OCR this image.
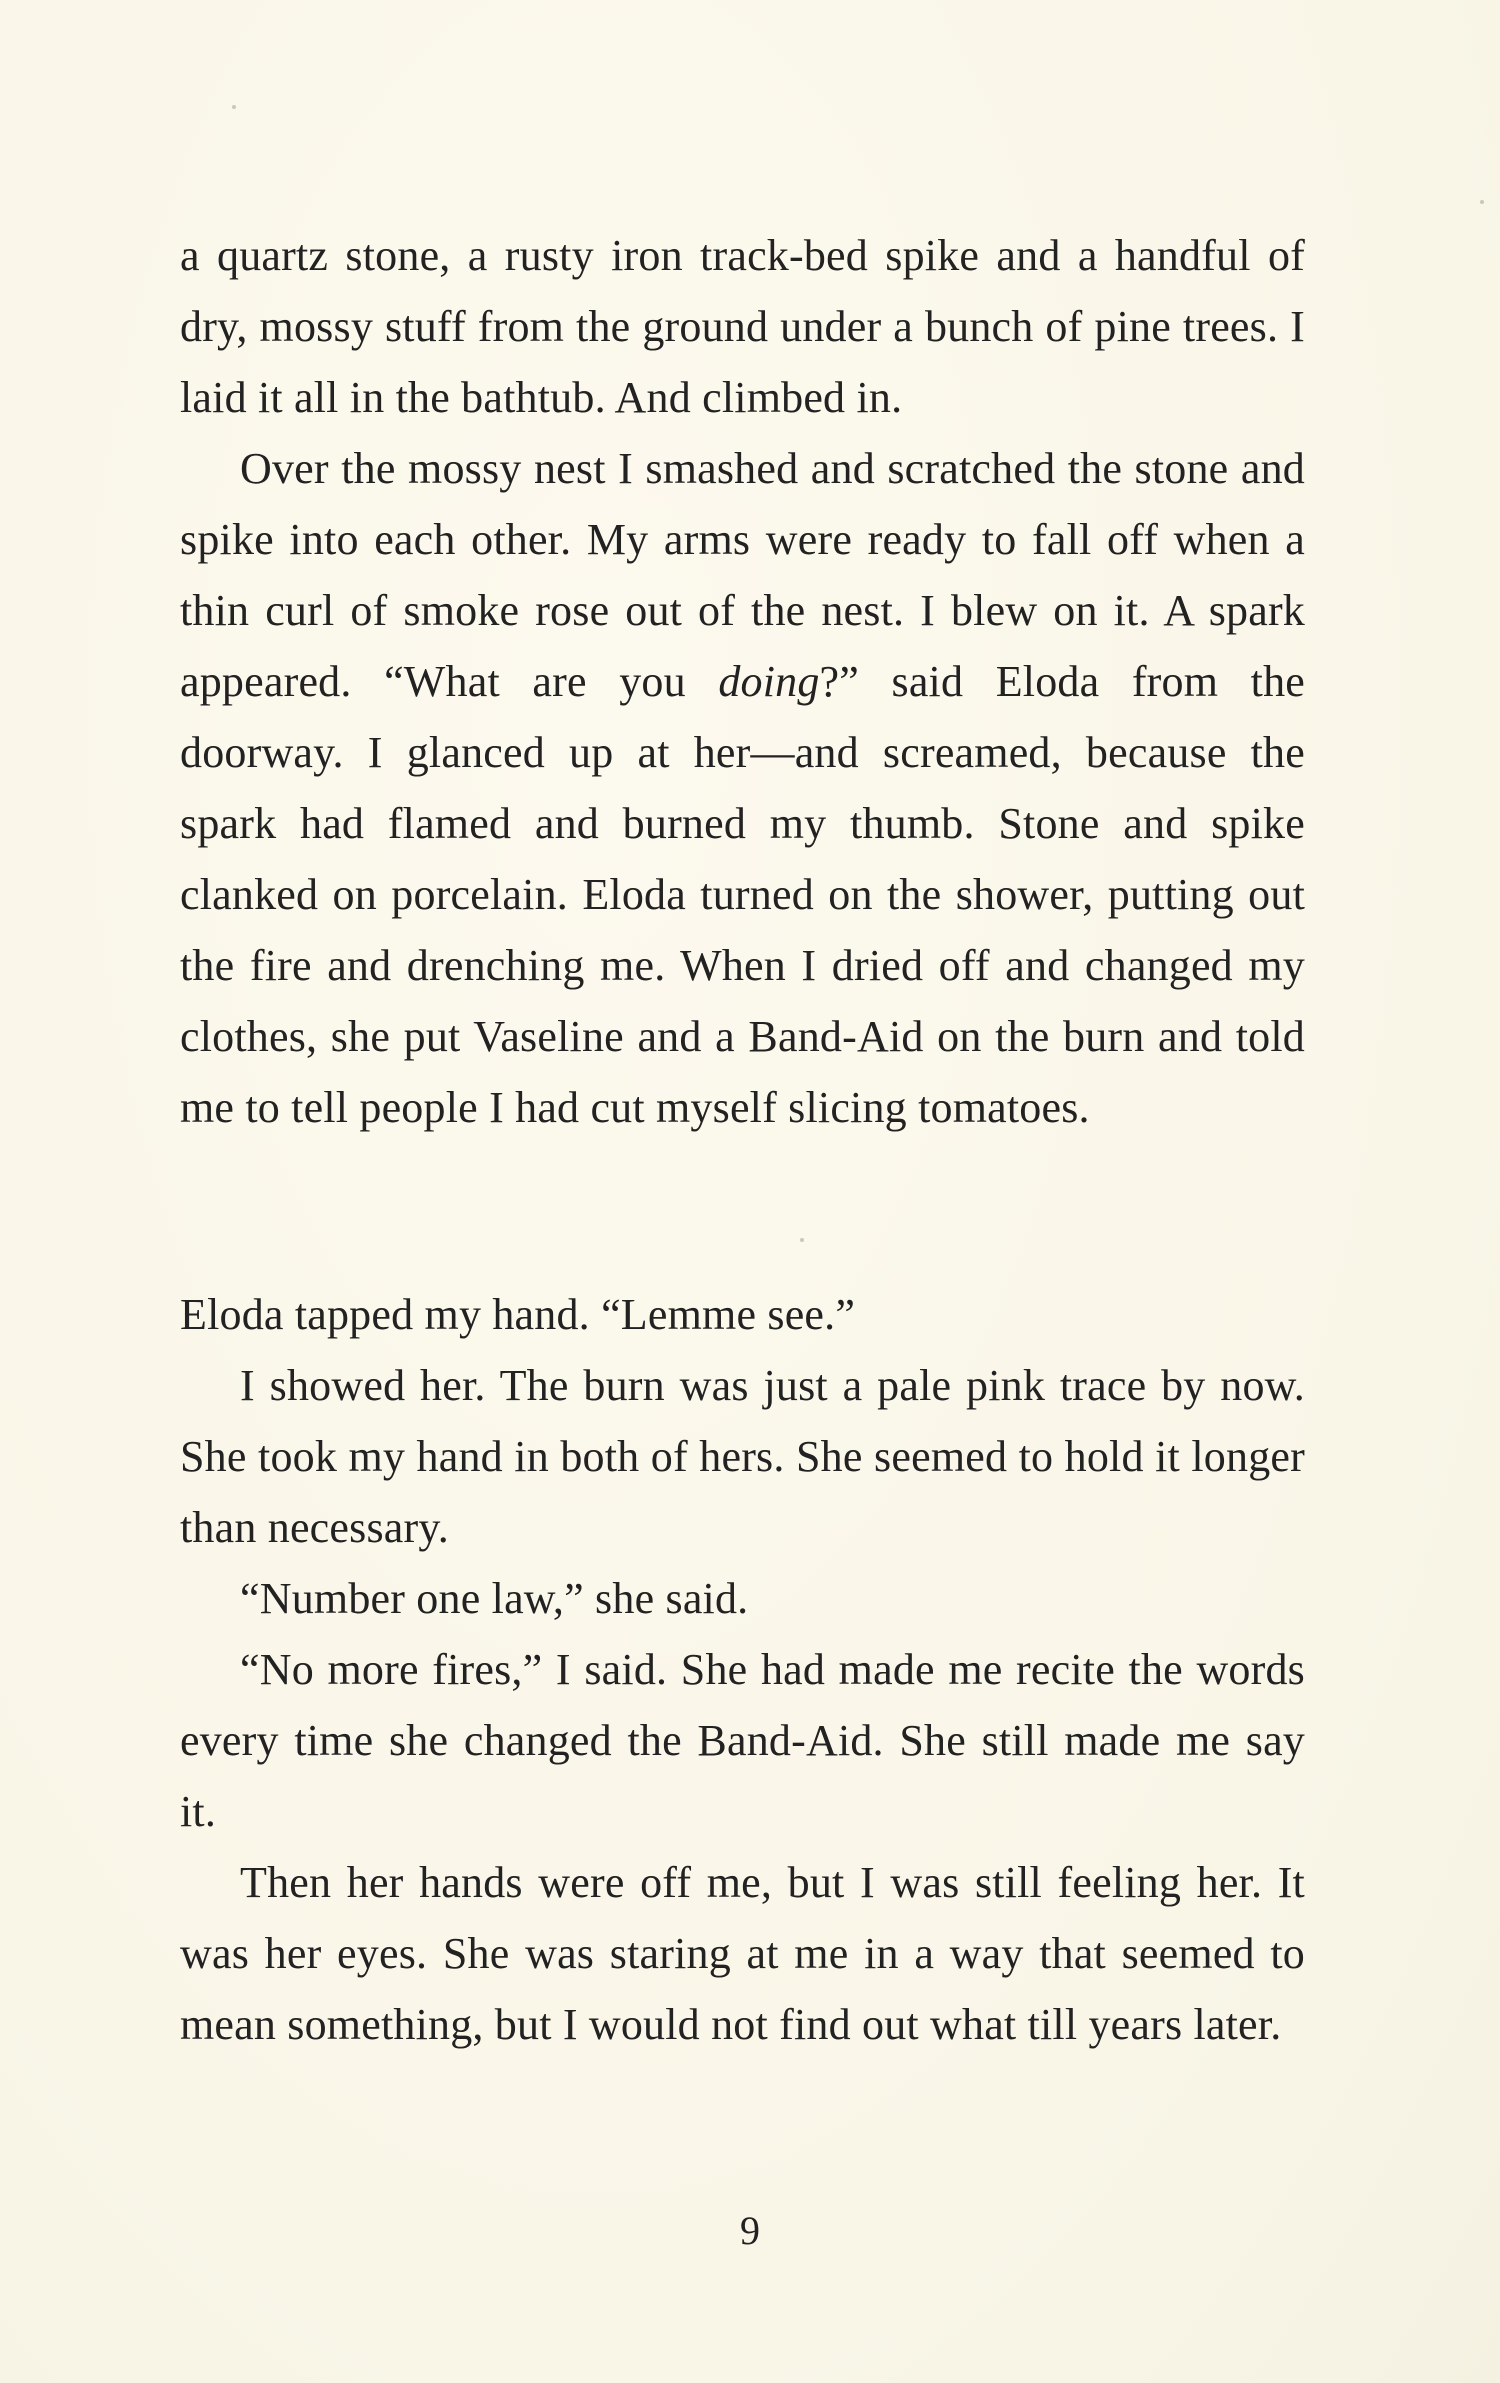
a quartz stone, a rusty iron track-bed spike and a handful of dry, mossy stuff from the ground under a bunch of pine trees. I laid it all in the bathtub. And climbed in.

Over the mossy nest I smashed and scratched the stone and spike into each other. My arms were ready to fall off when a thin curl of smoke rose out of the nest. I blew on it. A spark appeared. “What are you doing?” said Eloda from the doorway. I glanced up at her—and screamed, because the spark had flamed and burned my thumb. Stone and spike clanked on porcelain. Eloda turned on the shower, putting out the fire and drenching me. When I dried off and changed my clothes, she put Vaseline and a Band-Aid on the burn and told me to tell people I had cut myself slicing tomatoes.

Eloda tapped my hand. “Lemme see.”

I showed her. The burn was just a pale pink trace by now. She took my hand in both of hers. She seemed to hold it longer than necessary.

“Number one law,” she said.

“No more fires,” I said. She had made me recite the words every time she changed the Band-Aid. She still made me say it.

Then her hands were off me, but I was still feeling her. It was her eyes. She was staring at me in a way that seemed to mean something, but I would not find out what till years later.

9
